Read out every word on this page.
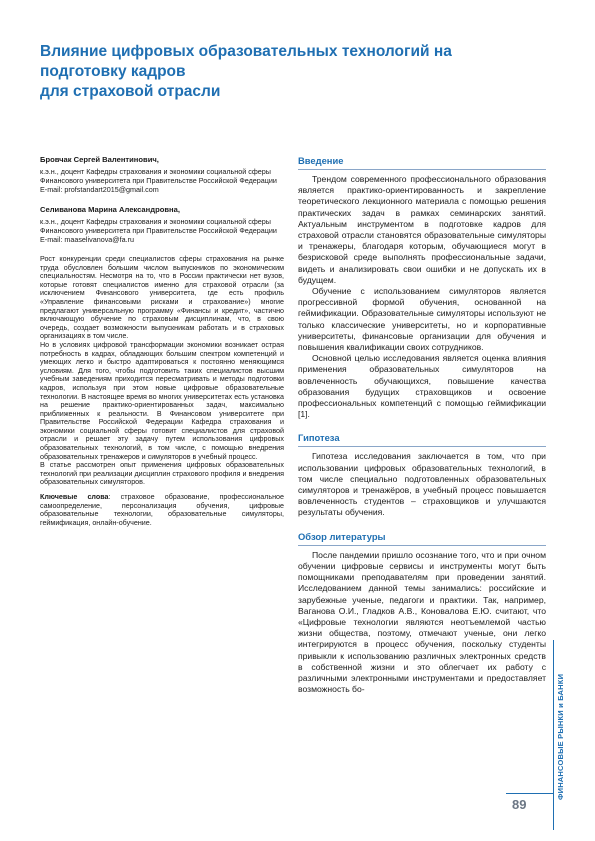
Влияние цифровых образовательных технологий на подготовку кадров
для страховой отрасли

Бровчак Сергей Валентинович,

к.э.н., доцент Кафедры страхования и экономики социальной сферы Финансового университета при Правительстве Российской Федерации

E-mail: profstandart2015@gmail.com

Селиванова Марина Александровна,

к.э.н., доцент Кафедры страхования и экономики социальной сферы Финансового университета при Правительстве Российской Федерации

E-mail: maaselivanova@fa.ru

Рост конкуренции среди специалистов сферы страхования на рынке труда обусловлен большим числом выпускников по экономическим специальностям. Несмотря на то, что в России практически нет вузов, которые готовят специалистов именно для страховой отрасли (за исключением Финансового университета, где есть профиль «Управление финансовыми рисками и страхование») многие предлагают универсальную программу «Финансы и кредит», частично включающую обучение по страховым дисциплинам, что, в свою очередь, создает возможности выпускникам работать и в страховых организациях в том числе.

Но в условиях цифровой трансформации экономики возникает острая потребность в кадрах, обладающих большим спектром компетенций и умеющих легко и быстро адаптироваться к постоянно меняющимся условиям. Для того, чтобы подготовить таких специалистов высшим учебным заведениям приходится пересматривать и методы подготовки кадров, используя при этом новые цифровые образовательные технологии. В настоящее время во многих университетах есть установка на решение практико-ориентированных задач, максимально приближенных к реальности. В Финансовом университете при Правительстве Российской Федерации Кафедра страхования и экономики социальной сферы готовит специалистов для страховой отрасли и решает эту задачу путем использования цифровых образовательных технологий, в том числе, с помощью внедрения образовательных тренажеров и симуляторов в учебный процесс.

В статье рассмотрен опыт применения цифровых образовательных технологий при реализации дисциплин страхового профиля и внедрения образовательных симуляторов.

Ключевые слова: страховое образование, профессиональное самоопределение, персонализация обучения, цифровые образовательные технологии, образовательные симуляторы, геймификация, онлайн-обучение.
Введение

Трендом современного профессионального образования является практико-ориентированность и закрепление теоретического лекционного материала с помощью решения практических задач в рамках семинарских занятий. Актуальным инструментом в подготовке кадров для страховой отрасли становятся образовательные симуляторы и тренажеры, благодаря которым, обучающиеся могут в безрисковой среде выполнять профессиональные задачи, видеть и анализировать свои ошибки и не допускать их в будущем.

Обучение с использованием симуляторов является прогрессивной формой обучения, основанной на геймификации. Образовательные симуляторы используют не только классические университеты, но и корпоративные университеты, финансовые организации для обучения и повышения квалификации своих сотрудников.

Основной целью исследования является оценка влияния применения образовательных симуляторов на вовлеченность обучающихся, повышение качества образования будущих страховщиков и освоение профессиональных компетенций с помощью геймификации [1].

Гипотеза

Гипотеза исследования заключается в том, что при использовании цифровых образовательных технологий, в том числе специально подготовленных образовательных симуляторов и тренажёров, в учебный процесс повышается вовлеченность студентов – страховщиков и улучшаются результаты обучения.

Обзор литературы

После пандемии пришло осознание того, что и при очном обучении цифровые сервисы и инструменты могут быть помощниками преподавателям при проведении занятий. Исследованием данной темы занимались: российские и зарубежные ученые, педагоги и практики. Так, например, Ваганова О.И., Гладков А.В., Коновалова Е.Ю. считают, что «Цифровые технологии являются неотъемлемой частью жизни общества, поэтому, отмечают ученые, они легко интегрируются в процесс обучения, поскольку студенты привыкли к использованию различных электронных средств в собственной жизни и это облегчает их работу с различными электронными инструментами и предоставляет возможность бо-	ФИНАНСОВЫЕ РЫНКИ и БАНКИ
89
